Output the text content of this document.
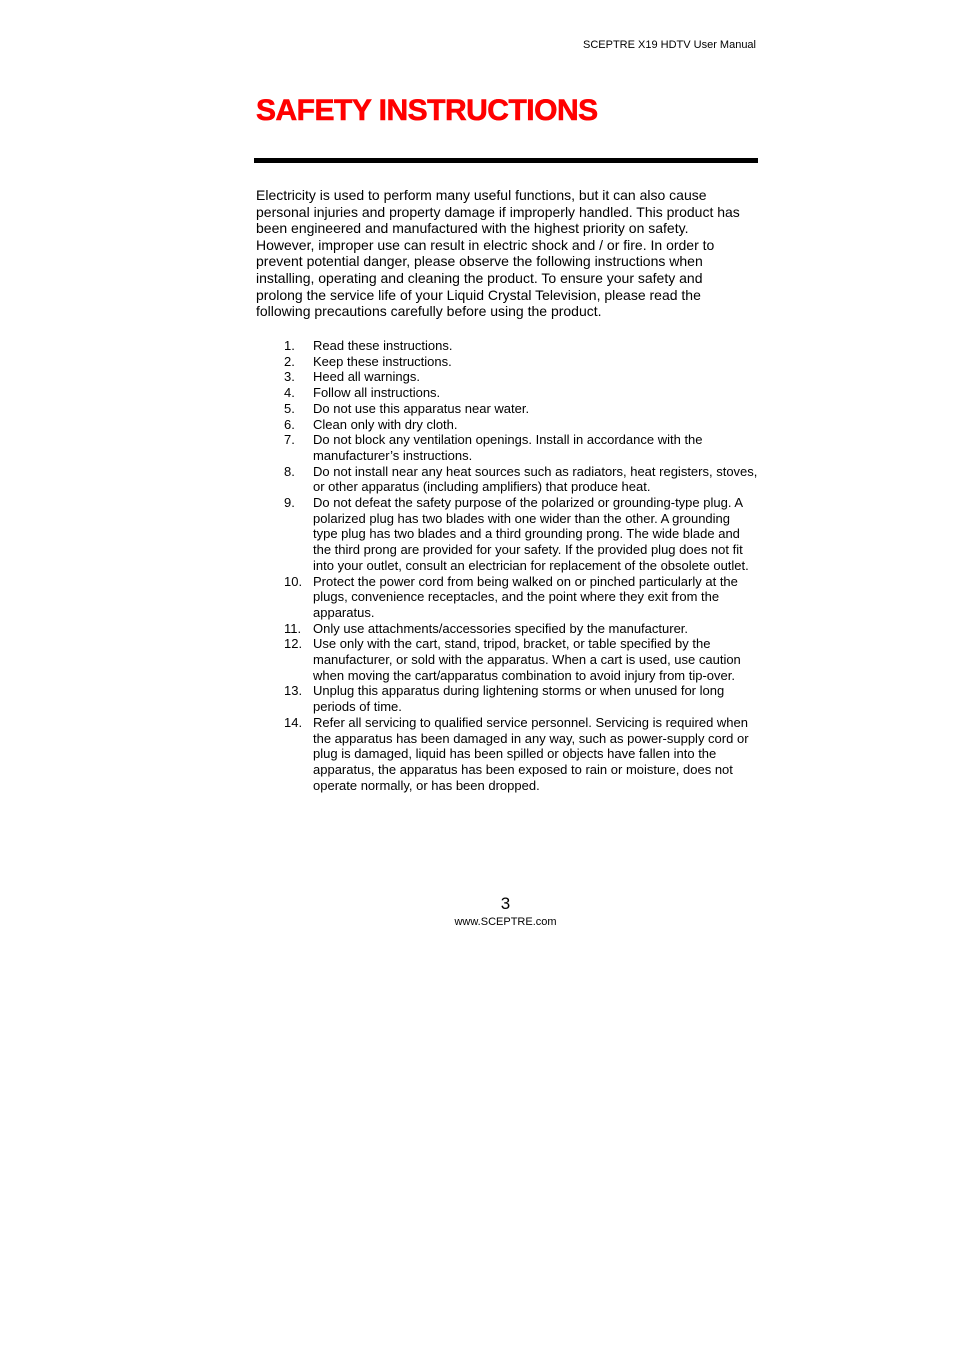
SCEPTRE X19 HDTV User Manual
SAFETY INSTRUCTIONS

Electricity is used to perform many useful functions, but it can also cause personal injuries and property damage if improperly handled. This product has been engineered and manufactured with the highest priority on safety. However, improper use can result in electric shock and / or fire. In order to prevent potential danger, please observe the following instructions when installing, operating and cleaning the product. To ensure your safety and prolong the service life of your Liquid Crystal Television, please read the following precautions carefully before using the product.

1.	Read these instructions.
2.	Keep these instructions.
3.	Heed all warnings.
4.	Follow all instructions.
5.	Do not use this apparatus near water.
6.	Clean only with dry cloth.
7.	Do not block any ventilation openings. Install in accordance with the manufacturer’s instructions.
8.	Do not install near any heat sources such as radiators, heat registers, stoves, or other apparatus (including amplifiers) that produce heat.
9.	Do not defeat the safety purpose of the polarized or grounding-type plug. A polarized plug has two blades with one wider than the other. A grounding type plug has two blades and a third grounding prong. The wide blade and the third prong are provided for your safety. If the provided plug does not fit into your outlet, consult an electrician for replacement of the obsolete outlet.
10. Protect the power cord from being walked on or pinched particularly at the plugs, convenience receptacles, and the point where they exit from the apparatus.
11. Only use attachments/accessories specified by the manufacturer.
12. Use only with the cart, stand, tripod, bracket, or table specified by the manufacturer, or sold with the apparatus. When a cart is used, use caution when moving the cart/apparatus combination to avoid injury from tip-over.
13. Unplug this apparatus during lightening storms or when unused for long periods of time.
14. Refer all servicing to qualified service personnel. Servicing is required when the apparatus has been damaged in any way, such as power-supply cord or plug is damaged, liquid has been spilled or objects have fallen into the apparatus, the apparatus has been exposed to rain or moisture, does not operate normally, or has been dropped.
3
www.SCEPTRE.com
